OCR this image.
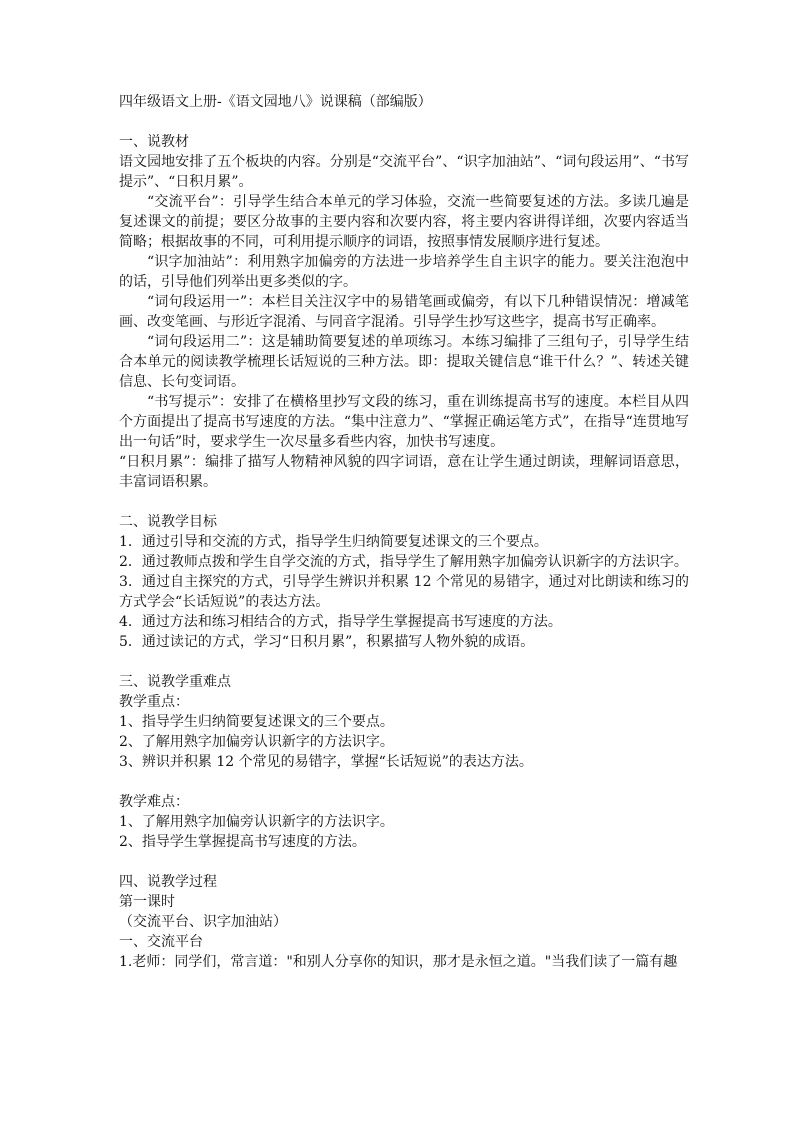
四年级语文上册-《语文园地八》说课稿（部编版）

一、说教材

语文园地安排了五个板块的内容。分别是“交流平台”、“识字加油站”、“词句段运用”、“书写提示”、“日积月累”。

“交流平台”：引导学生结合本单元的学习体验，交流一些简要复述的方法。多读几遍是复述课文的前提；要区分故事的主要内容和次要内容，将主要内容讲得详细，次要内容适当简略；根据故事的不同，可利用提示顺序的词语，按照事情发展顺序进行复述。

“识字加油站”：利用熟字加偏旁的方法进一步培养学生自主识字的能力。要关注泡泡中的话，引导他们列举出更多类似的字。

“词句段运用一”：本栏目关注汉字中的易错笔画或偏旁，有以下几种错误情况：增减笔画、改变笔画、与形近字混淆、与同音字混淆。引导学生抄写这些字，提高书写正确率。

“词句段运用二”：这是辅助简要复述的单项练习。本练习编排了三组句子，引导学生结合本单元的阅读教学梳理长话短说的三种方法。即：提取关键信息“谁干什么？”、转述关键信息、长句变词语。

“书写提示”：安排了在横格里抄写文段的练习，重在训练提高书写的速度。本栏目从四个方面提出了提高书写速度的方法。“集中注意力”、“掌握正确运笔方式”，在指导“连贯地写出一句话”时，要求学生一次尽量多看些内容，加快书写速度。

“日积月累”：编排了描写人物精神风貌的四字词语，意在让学生通过朗读，理解词语意思，丰富词语积累。

二、说教学目标

1．通过引导和交流的方式，指导学生归纳简要复述课文的三个要点。

2．通过教师点拨和学生自学交流的方式，指导学生了解用熟字加偏旁认识新字的方法识字。

3．通过自主探究的方式，引导学生辨识并积累 12 个常见的易错字，通过对比朗读和练习的方式学会“长话短说”的表达方法。

4．通过方法和练习相结合的方式，指导学生掌握提高书写速度的方法。

5．通过读记的方式，学习“日积月累”，积累描写人物外貌的成语。

三、说教学重难点

教学重点：

1、指导学生归纳简要复述课文的三个要点。

2、了解用熟字加偏旁认识新字的方法识字。

3、辨识并积累 12 个常见的易错字，掌握“长话短说”的表达方法。

教学难点：

1、了解用熟字加偏旁认识新字的方法识字。

2、指导学生掌握提高书写速度的方法。

四、说教学过程

第一课时

（交流平台、识字加油站）

一、交流平台

1.老师：同学们，常言道："和别人分享你的知识，那才是永恒之道。"当我们读了一篇有趣
